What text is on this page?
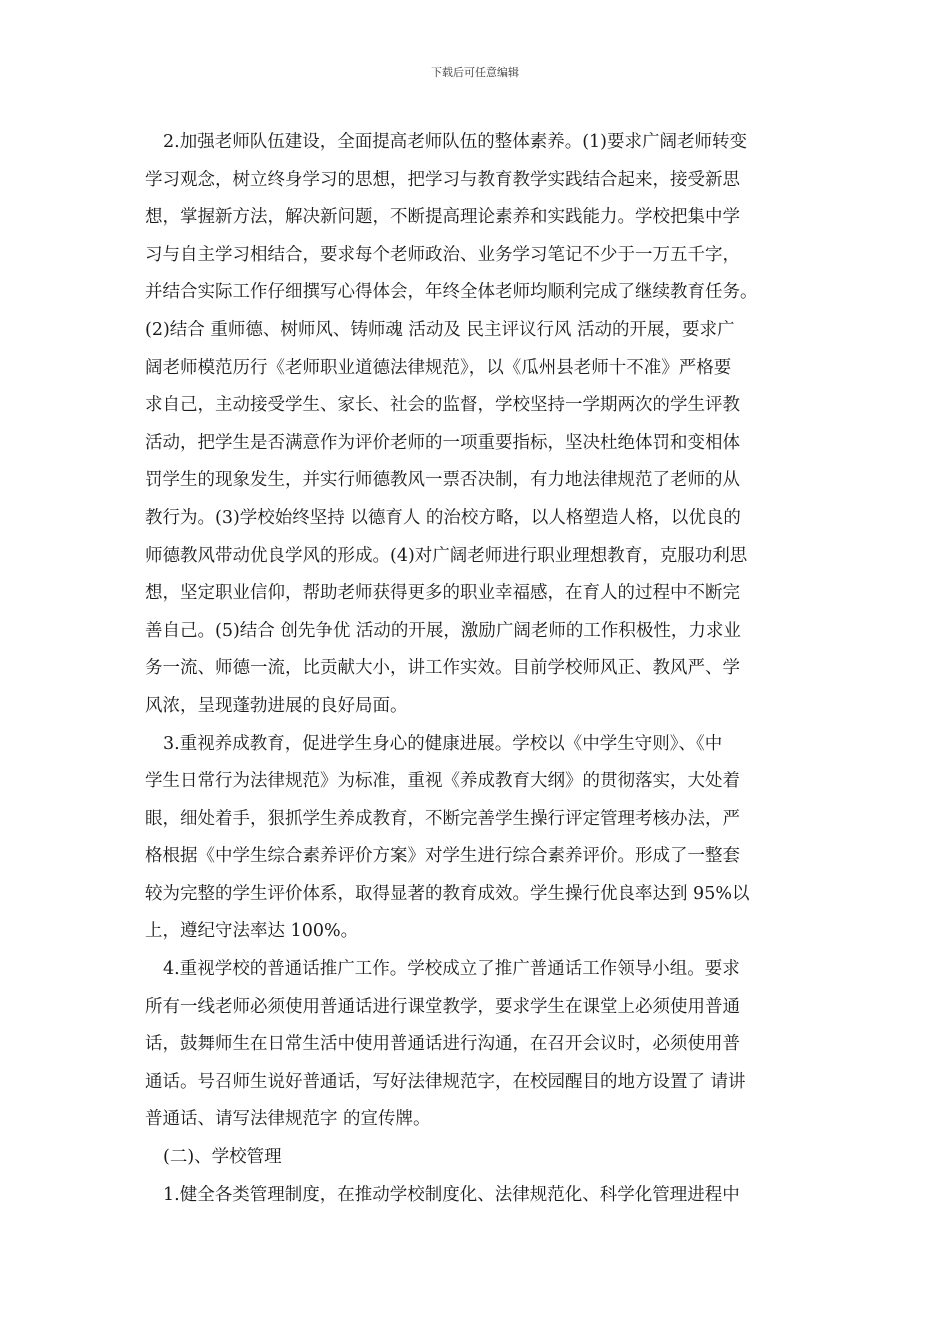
下载后可任意编辑
2.加强老师队伍建设，全面提高老师队伍的整体素养。(1)要求广阔老师转变
学习观念，树立终身学习的思想，把学习与教育教学实践结合起来，接受新思
想，掌握新方法，解决新问题，不断提高理论素养和实践能力。学校把集中学
习与自主学习相结合，要求每个老师政治、业务学习笔记不少于一万五千字，
并结合实际工作仔细撰写心得体会，年终全体老师均顺利完成了继续教育任务。
(2)结合 重师德、树师风、铸师魂 活动及 民主评议行风 活动的开展，要求广
阔老师模范历行《老师职业道德法律规范》，以《瓜州县老师十不准》严格要
求自己，主动接受学生、家长、社会的监督，学校坚持一学期两次的学生评教
活动，把学生是否满意作为评价老师的一项重要指标，坚决杜绝体罚和变相体
罚学生的现象发生，并实行师德教风一票否决制，有力地法律规范了老师的从
教行为。(3)学校始终坚持 以德育人 的治校方略，以人格塑造人格，以优良的
师德教风带动优良学风的形成。(4)对广阔老师进行职业理想教育，克服功利思
想，坚定职业信仰，帮助老师获得更多的职业幸福感，在育人的过程中不断完
善自己。(5)结合 创先争优 活动的开展，激励广阔老师的工作积极性，力求业
务一流、师德一流，比贡献大小，讲工作实效。目前学校师风正、教风严、学
风浓，呈现蓬勃进展的良好局面。
3.重视养成教育，促进学生身心的健康进展。学校以《中学生守则》、《中
学生日常行为法律规范》为标准，重视《养成教育大纲》的贯彻落实，大处着
眼，细处着手，狠抓学生养成教育，不断完善学生操行评定管理考核办法，严
格根据《中学生综合素养评价方案》对学生进行综合素养评价。形成了一整套
较为完整的学生评价体系，取得显著的教育成效。学生操行优良率达到 95%以
上，遵纪守法率达 100%。
4.重视学校的普通话推广工作。学校成立了推广普通话工作领导小组。要求
所有一线老师必须使用普通话进行课堂教学，要求学生在课堂上必须使用普通
话，鼓舞师生在日常生活中使用普通话进行沟通，在召开会议时，必须使用普
通话。号召师生说好普通话，写好法律规范字，在校园醒目的地方设置了 请讲
普通话、请写法律规范字 的宣传牌。
(二)、学校管理
1.健全各类管理制度，在推动学校制度化、法律规范化、科学化管理进程中
